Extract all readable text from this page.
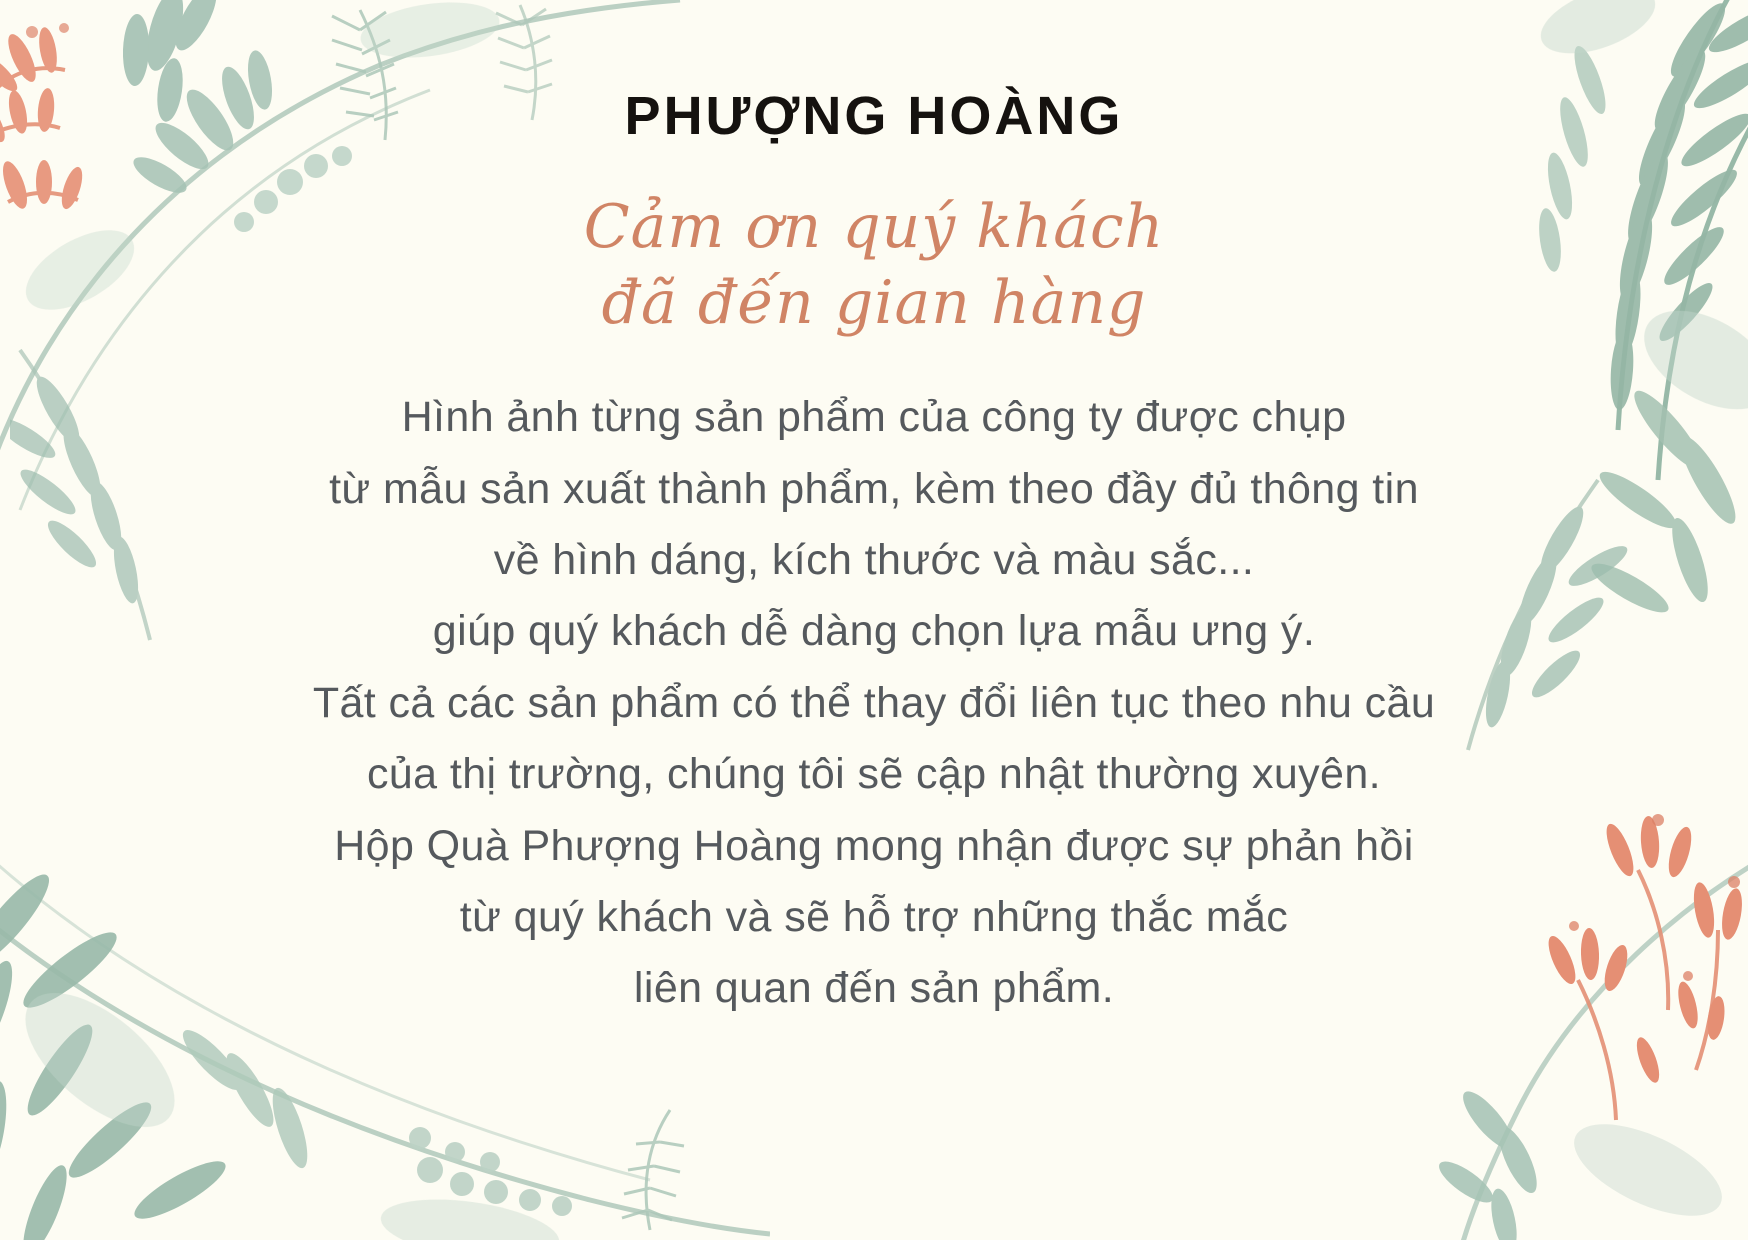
PHƯỢNG HOÀNG
Cảm ơn quý khách
đã đến gian hàng
Hình ảnh từng sản phẩm của công ty được chụp
từ mẫu sản xuất thành phẩm, kèm theo đầy đủ thông tin
về hình dáng, kích thước và màu sắc...
giúp quý khách dễ dàng chọn lựa mẫu ưng ý.
Tất cả các sản phẩm có thể thay đổi liên tục theo nhu cầu
của thị trường, chúng tôi sẽ cập nhật thường xuyên.
Hộp Quà Phượng Hoàng mong nhận được sự phản hồi
từ quý khách và sẽ hỗ trợ những thắc mắc
liên quan đến sản phẩm.
